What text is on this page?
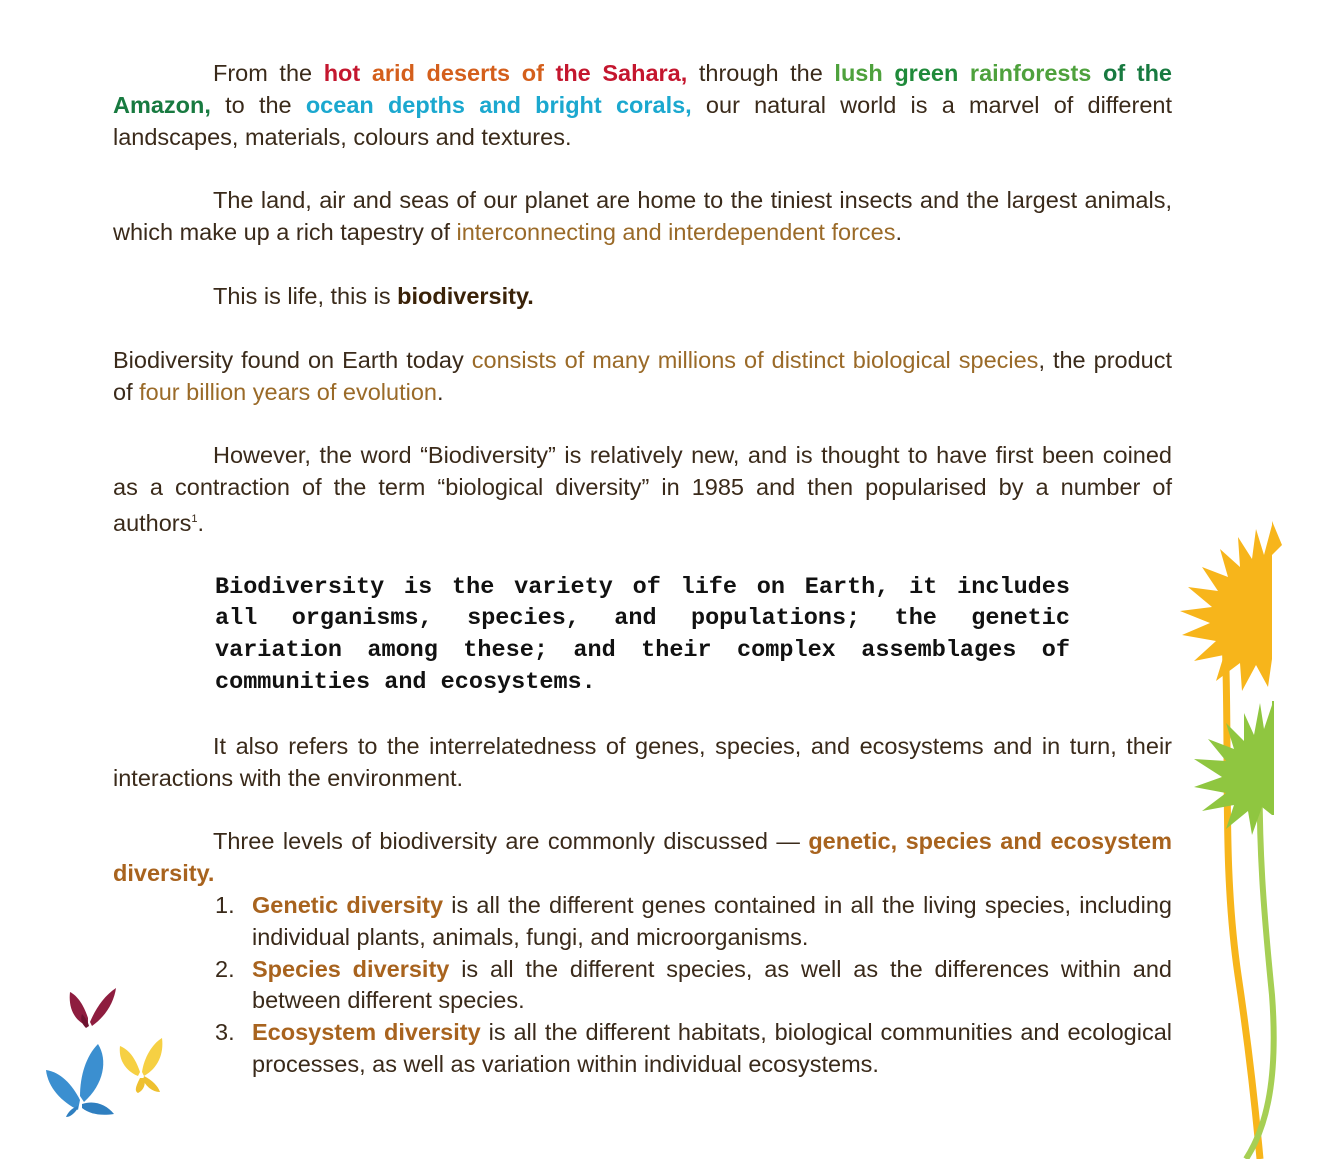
From the hot arid deserts of the Sahara, through the lush green rainforests of the Amazon, to the ocean depths and bright corals, our natural world is a marvel of different landscapes, materials, colours and textures.

The land, air and seas of our planet are home to the tiniest insects and the largest animals, which make up a rich tapestry of interconnecting and interdependent forces.

This is life, this is biodiversity.

Biodiversity found on Earth today consists of many millions of distinct biological species, the product of four billion years of evolution.

However, the word “Biodiversity” is relatively new, and is thought to have first been coined as a contraction of the term “biological diversity” in 1985 and then popularised by a number of authors$^1$.

Biodiversity is the variety of life on Earth, it includes all organisms, species, and populations; the genetic variation among these; and their complex assemblages of communities and ecosystems.

It also refers to the interrelatedness of genes, species, and ecosystems and in turn, their interactions with the environment.

Three levels of biodiversity are commonly discussed — genetic, species and ecosystem diversity.

1. Genetic diversity is all the different genes contained in all the living species, including individual plants, animals, fungi, and microorganisms.
2. Species diversity is all the different species, as well as the differences within and between different species.
3. Ecosystem diversity is all the different habitats, biological communities and ecological processes, as well as variation within individual ecosystems.
